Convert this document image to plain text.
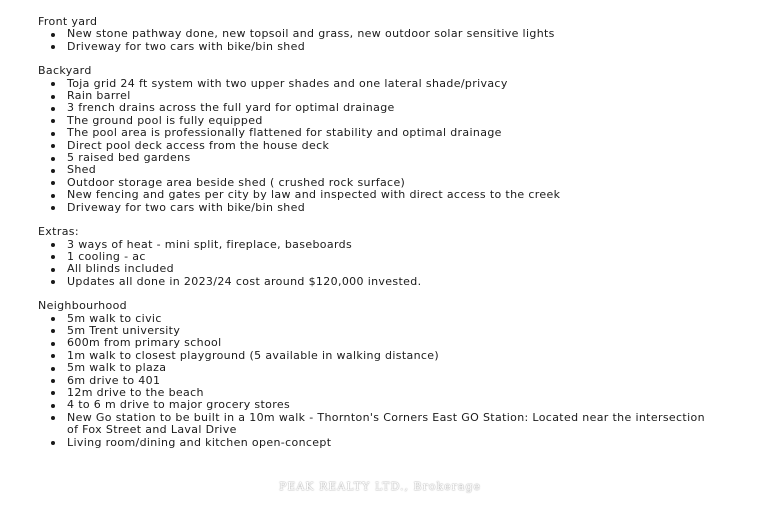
Front yard

New stone pathway done, new topsoil and grass, new outdoor solar sensitive lights
Driveway for two cars with bike/bin shed

Backyard

Toja grid 24 ft system with two upper shades and one lateral shade/privacy
Rain barrel
3 french drains across the full yard for optimal drainage
The ground pool is fully equipped
The pool area is professionally flattened for stability and optimal drainage
Direct pool deck access from the house deck
5 raised bed gardens
Shed
Outdoor storage area beside shed ( crushed rock surface)
New fencing and gates per city by law and inspected with direct access to the creek
Driveway for two cars with bike/bin shed

Extras:

3 ways of heat - mini split, fireplace, baseboards
1 cooling - ac
All blinds included
Updates all done in 2023/24 cost around $120,000 invested.

Neighbourhood

5m walk to civic
5m Trent university
600m from primary school
1m walk to closest playground (5 available in walking distance)
5m walk to plaza
6m drive to 401
12m drive to the beach
4 to 6 m drive to major grocery stores
New Go station to be built in a 10m walk - Thornton's Corners East GO Station: Located near the intersection of Fox Street and Laval Drive
Living room/dining and kitchen open-concept
PEAK REALTY LTD., Brokerage
